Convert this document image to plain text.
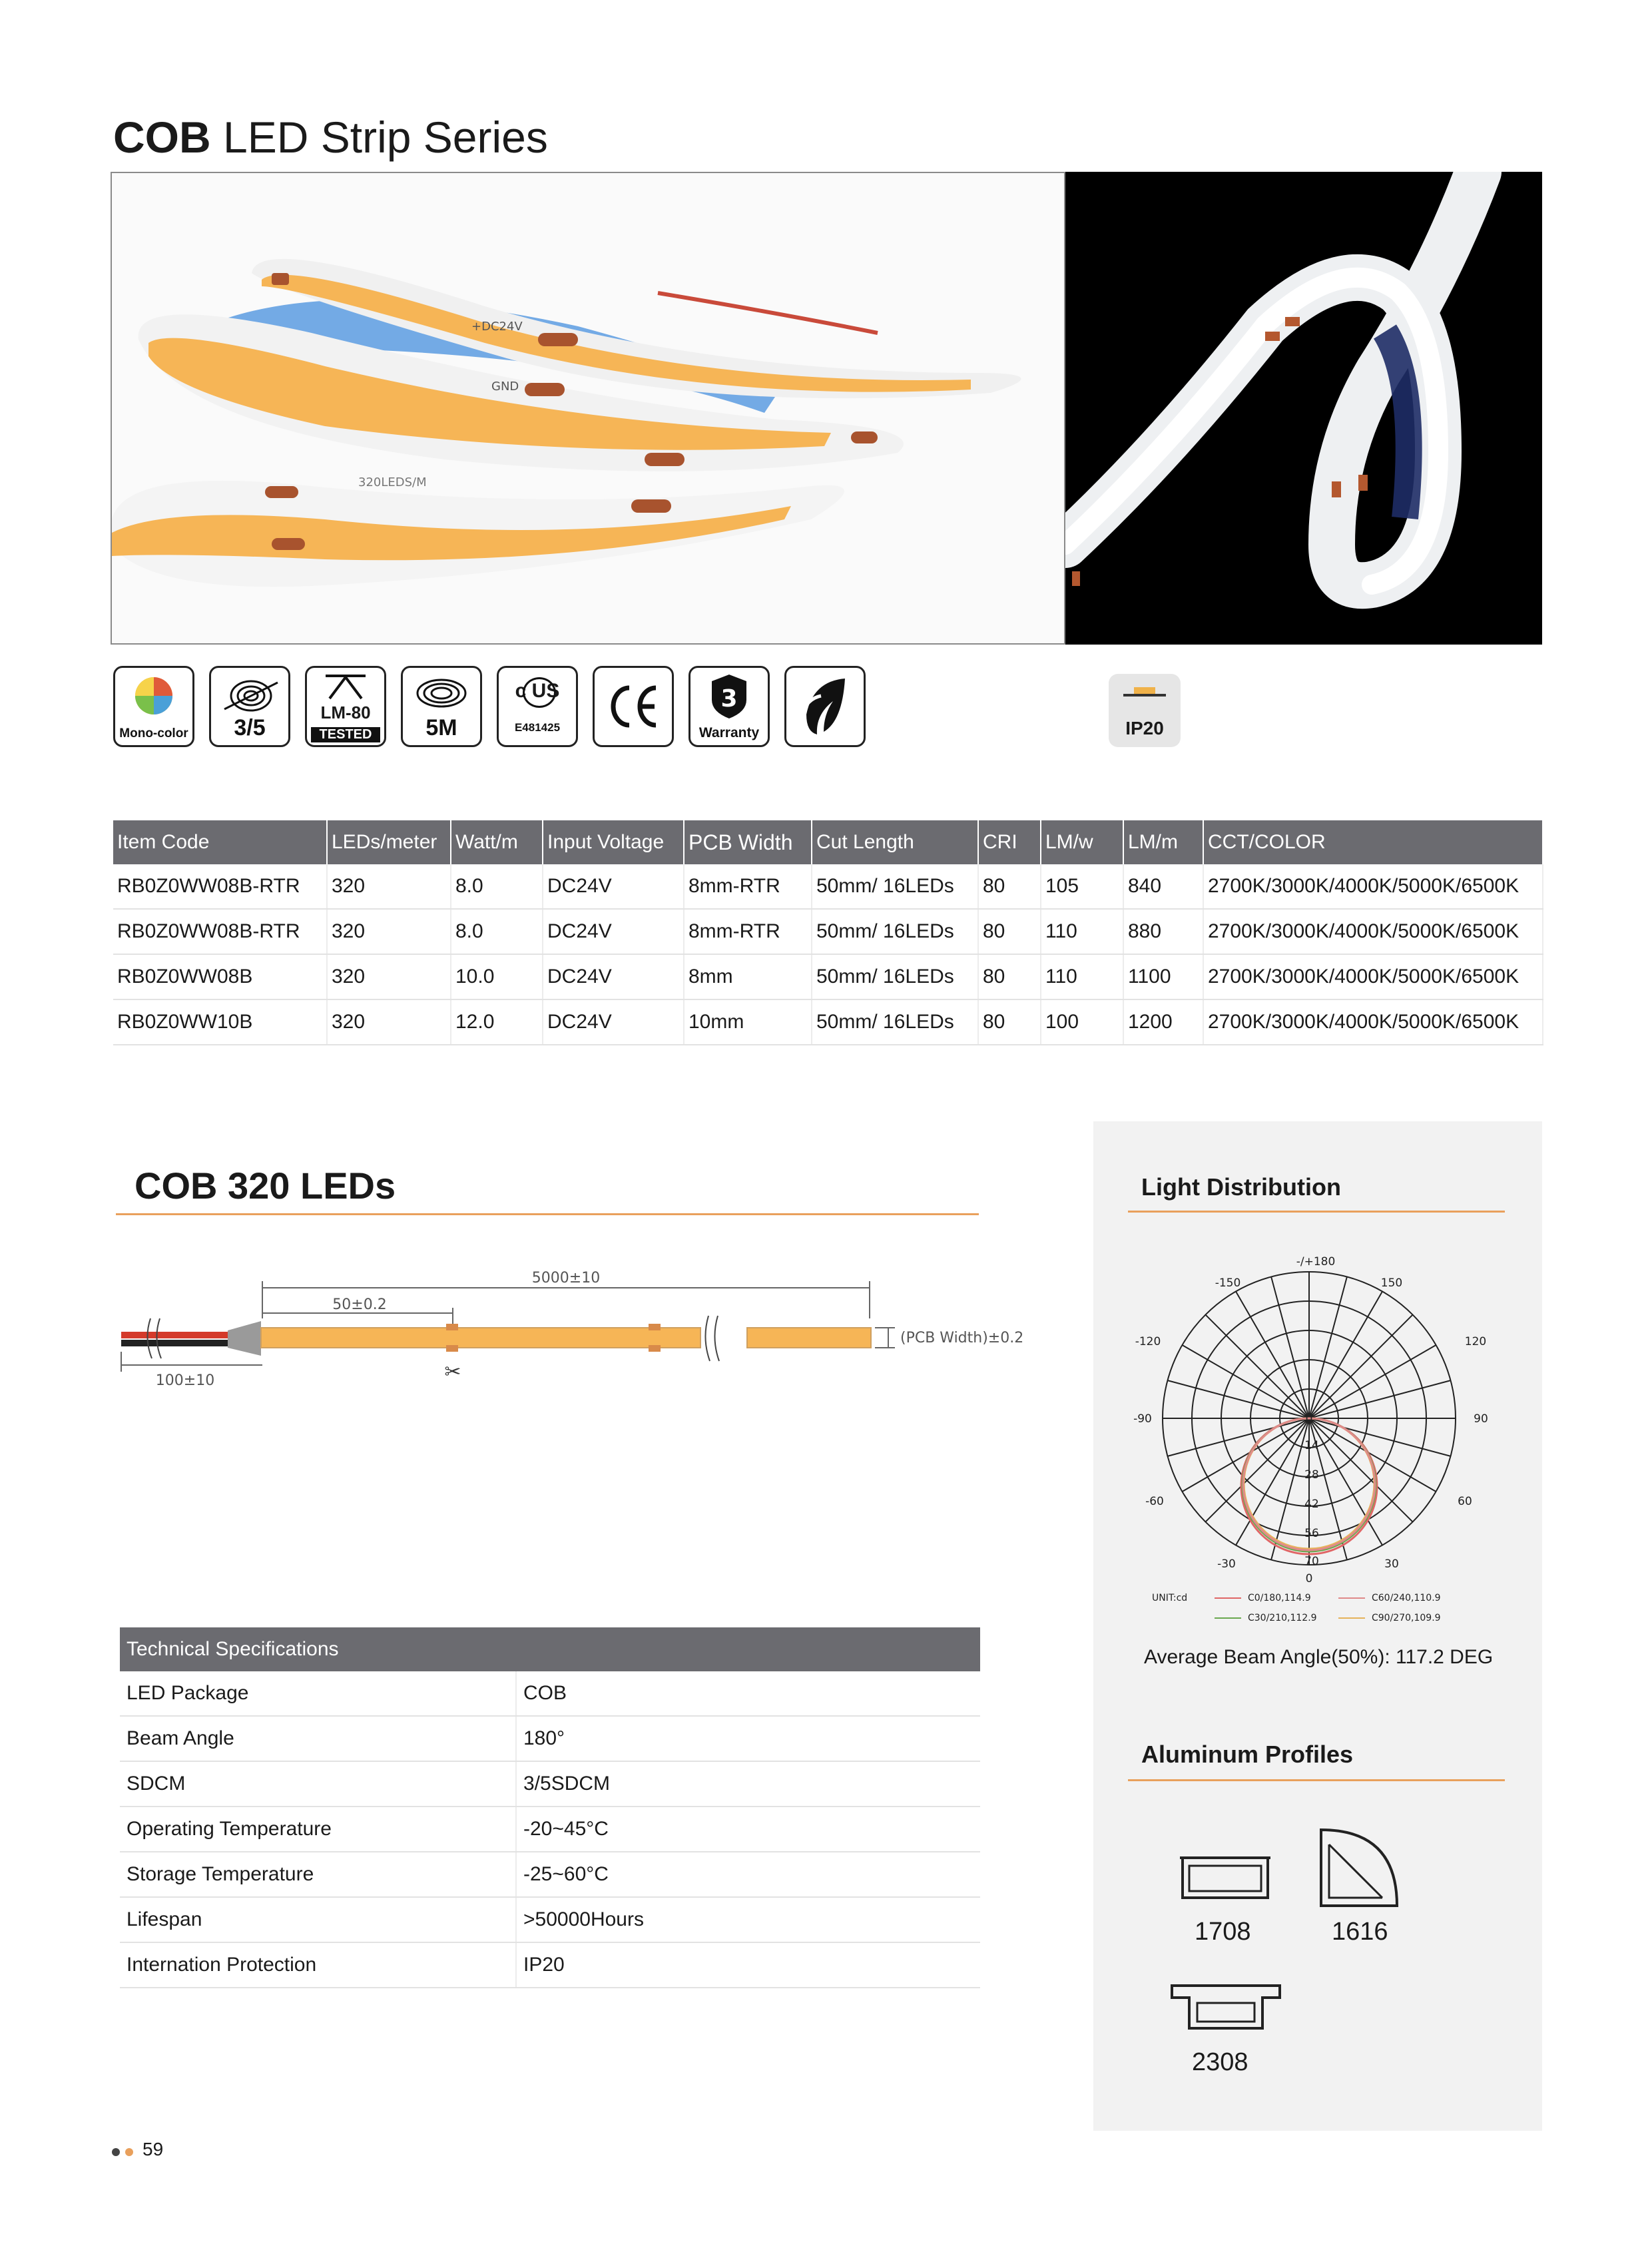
COB LED Strip Series
+DC24V
GND
320LEDS/M
Mono-color	3/5
LM-80
TESTED	5M
c US
E481425
3
Warranty	IP20
Item Code	LEDs/meter	Watt/m	Input Voltage	PCB Width	Cut Length	CRI	LM/w	LM/m	CCT/COLOR
RB0Z0WW08B-RTR	320	8.0	DC24V	8mm-RTR	50mm/ 16LEDs	80	105	840	2700K/3000K/4000K/5000K/6500K
RB0Z0WW08B-RTR	320	8.0	DC24V	8mm-RTR	50mm/ 16LEDs	80	110	880	2700K/3000K/4000K/5000K/6500K
RB0Z0WW08B	320	10.0	DC24V	8mm	50mm/ 16LEDs	80	110	1100	2700K/3000K/4000K/5000K/6500K
RB0Z0WW10B	320	12.0	DC24V	10mm	50mm/ 16LEDs	80	100	1200	2700K/3000K/4000K/5000K/6500K
COB 320 LEDs
5000±10
50±0.2
✂
(PCB Width)±0.2
100±10
Technical Specifications	
LED Package	COB
Beam Angle	180°
SDCM	3/5SDCM
Operating Temperature	-20~45°C
Storage Temperature	-25~60°C
Lifespan	>50000Hours
Internation Protection	IP20
Light Distribution
-/+180
-150	150
-120	120
-90	90
-60	60
-30	30
0
0
14
28
42
56
70
UNIT:cd	C0/180,114.9	C60/240,110.9
C30/210,112.9	C90/270,109.9
Average Beam Angle(50%): 117.2 DEG
Aluminum Profiles
1708	1616
2308
59
